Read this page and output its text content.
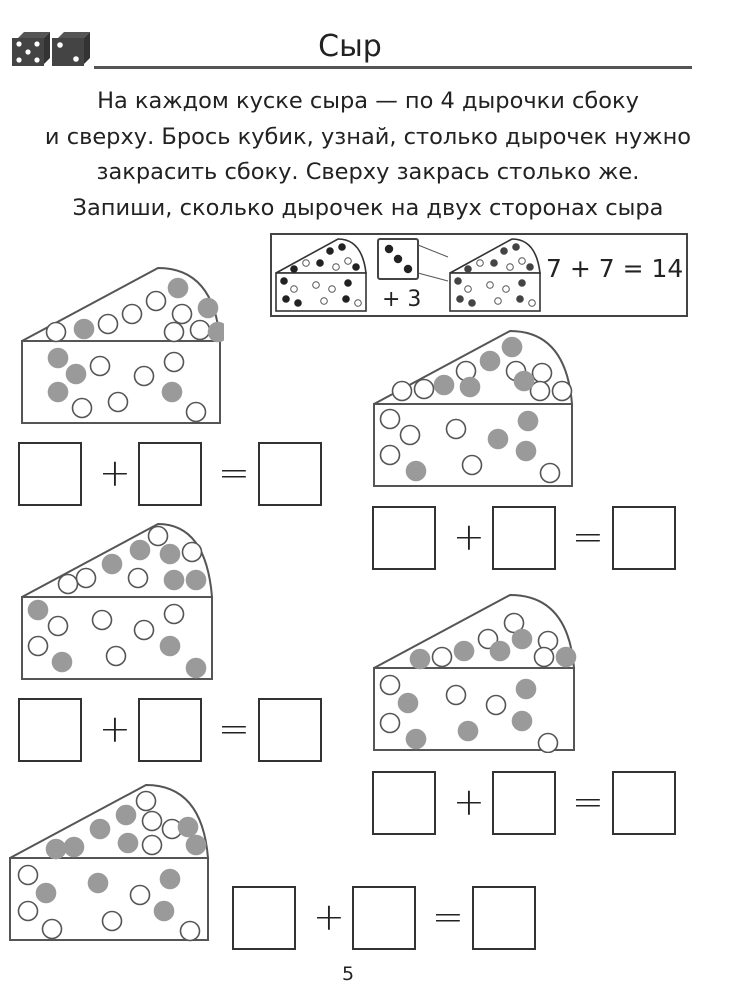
Сыр
На каждом куске сыра — по 4 дырочки сбоку
и сверху. Брось кубик, узнай, столько дырочек нужно
закрасить сбоку. Сверху закрась столько же.
Запиши, сколько дырочек на двух сторонах сыра
+ 3
7 + 7 = 14
+ =
+ =
+ =
+ =
+ =
5
